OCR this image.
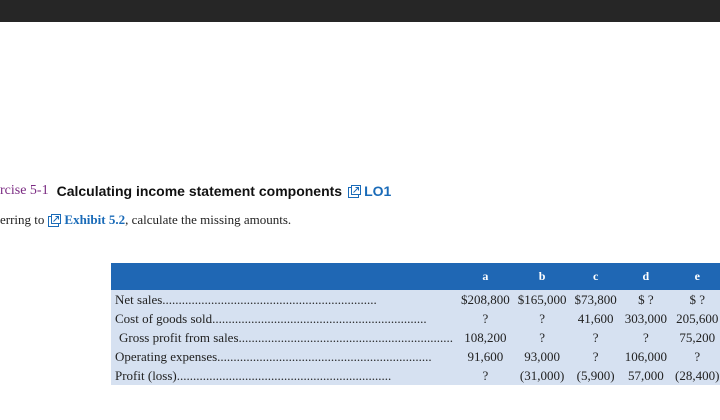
rcise 5-1 Calculating income statement components LO1
erring to Exhibit 5.2 , calculate the missing amounts.
	a	b	c	d	e

Net sales
.....	$208,800	$165,000	$73,800	$ ?	$ ?

Cost of goods sold
.....	?	?	41,600	303,000	205,600

Gross profit from sales
.....	108,200	?	?	?	75,200

Operating expenses
.....	91,600	93,000	?	106,000	?

Profit (loss)
.....	?	(31,000)	(5,900)	57,000	(28,400)
